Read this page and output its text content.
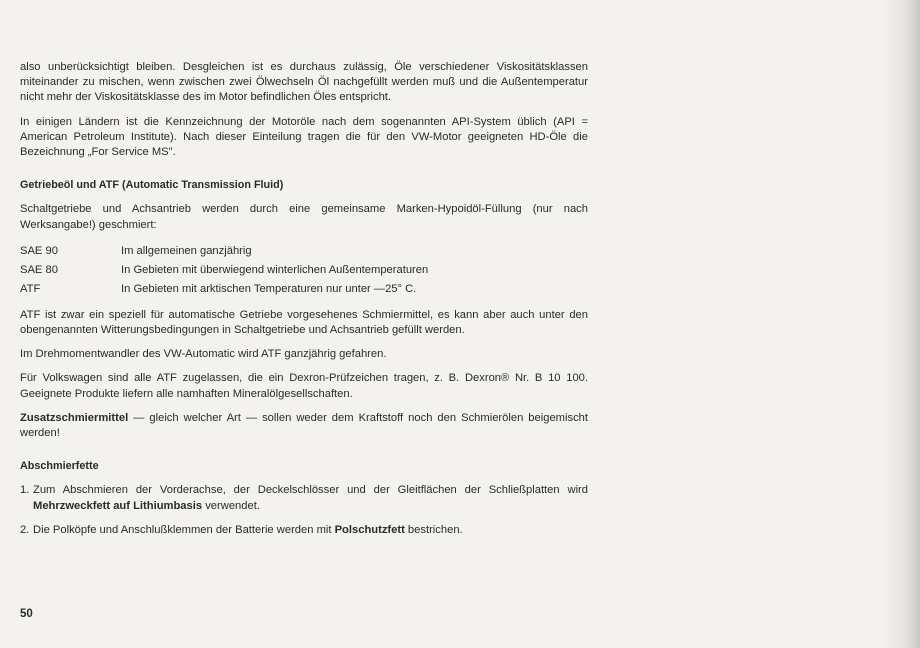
also unberücksichtigt bleiben. Desgleichen ist es durchaus zulässig, Öle verschiedener Viskositätsklassen miteinander zu mischen, wenn zwischen zwei Ölwechseln Öl nachgefüllt werden muß und die Außentemperatur nicht mehr der Viskositätsklasse des im Motor befindlichen Öles entspricht.

In einigen Ländern ist die Kennzeichnung der Motoröle nach dem sogenannten API-System üblich (API = American Petroleum Institute). Nach dieser Einteilung tragen die für den VW-Motor geeigneten HD-Öle die Bezeichnung „For Service MS".

Getriebeöl und ATF (Automatic Transmission Fluid)

Schaltgetriebe und Achsantrieb werden durch eine gemeinsame Marken-Hypoidöl-Füllung (nur nach Werksangabe!) geschmiert:

SAE 90	Im allgemeinen ganzjährig
SAE 80	In Gebieten mit überwiegend winterlichen Außentemperaturen
ATF	In Gebieten mit arktischen Temperaturen nur unter —25° C.

ATF ist zwar ein speziell für automatische Getriebe vorgesehenes Schmiermittel, es kann aber auch unter den obengenannten Witterungsbedingungen in Schaltgetriebe und Achsantrieb gefüllt werden.

Im Drehmomentwandler des VW-Automatic wird ATF ganzjährig gefahren.

Für Volkswagen sind alle ATF zugelassen, die ein Dexron-Prüfzeichen tragen, z. B. Dexron® Nr. B 10 100. Geeignete Produkte liefern alle namhaften Mineralölgesellschaften.

Zusatzschmiermittel — gleich welcher Art — sollen weder dem Kraftstoff noch den Schmierölen beigemischt werden!

Abschmierfette

1. Zum Abschmieren der Vorderachse, der Deckelschlösser und der Gleitflächen der Schließplatten wird Mehrzweckfett auf Lithiumbasis verwendet.
2. Die Polköpfe und Anschlußklemmen der Batterie werden mit Polschutzfett bestrichen.
50
